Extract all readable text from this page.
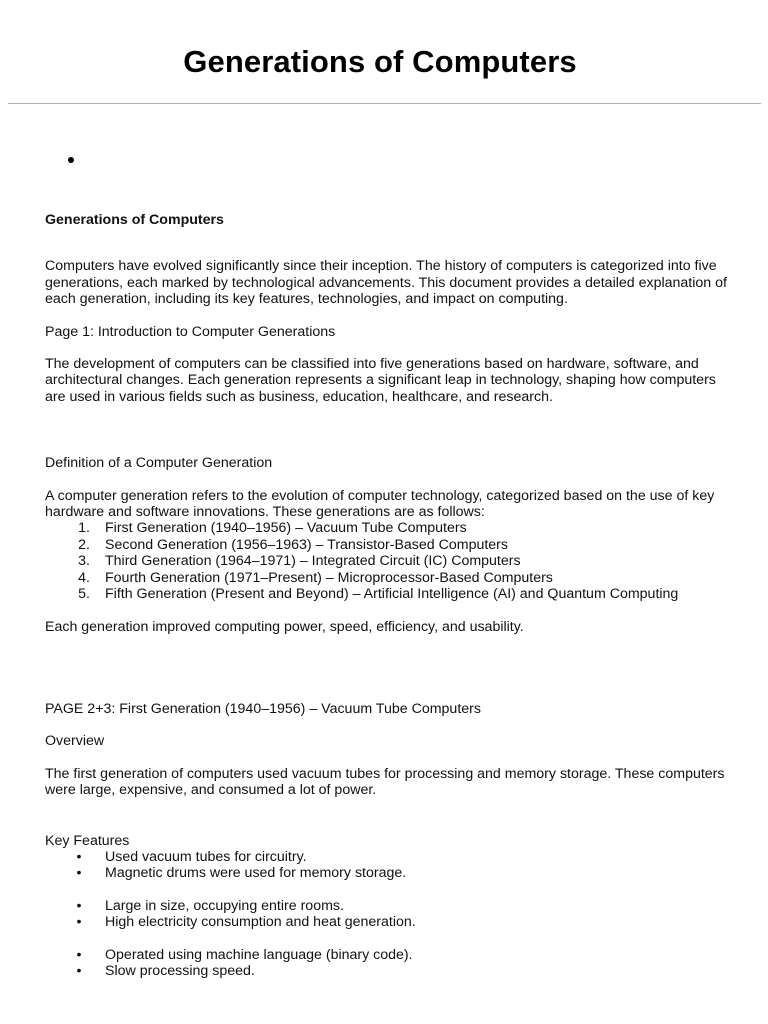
Generations of Computers

Generations of Computers

Computers have evolved significantly since their inception. The history of computers is categorized into five generations, each marked by technological advancements. This document provides a detailed explanation of each generation, including its key features, technologies, and impact on computing.

Page 1: Introduction to Computer Generations

The development of computers can be classified into five generations based on hardware, software, and architectural changes. Each generation represents a significant leap in technology, shaping how computers are used in various fields such as business, education, healthcare, and research.

Definition of a Computer Generation

A computer generation refers to the evolution of computer technology, categorized based on the use of key hardware and software innovations. These generations are as follows:

1. First Generation (1940–1956) – Vacuum Tube Computers
2. Second Generation (1956–1963) – Transistor-Based Computers
3. Third Generation (1964–1971) – Integrated Circuit (IC) Computers
4. Fourth Generation (1971–Present) – Microprocessor-Based Computers
5. Fifth Generation (Present and Beyond) – Artificial Intelligence (AI) and Quantum Computing

Each generation improved computing power, speed, efficiency, and usability.

PAGE 2+3: First Generation (1940–1956) – Vacuum Tube Computers

Overview

The first generation of computers used vacuum tubes for processing and memory storage. These computers were large, expensive, and consumed a lot of power.

Key Features

• Used vacuum tubes for circuitry.
• Magnetic drums were used for memory storage.
• Large in size, occupying entire rooms.
• High electricity consumption and heat generation.
• Operated using machine language (binary code).
• Slow processing speed.
